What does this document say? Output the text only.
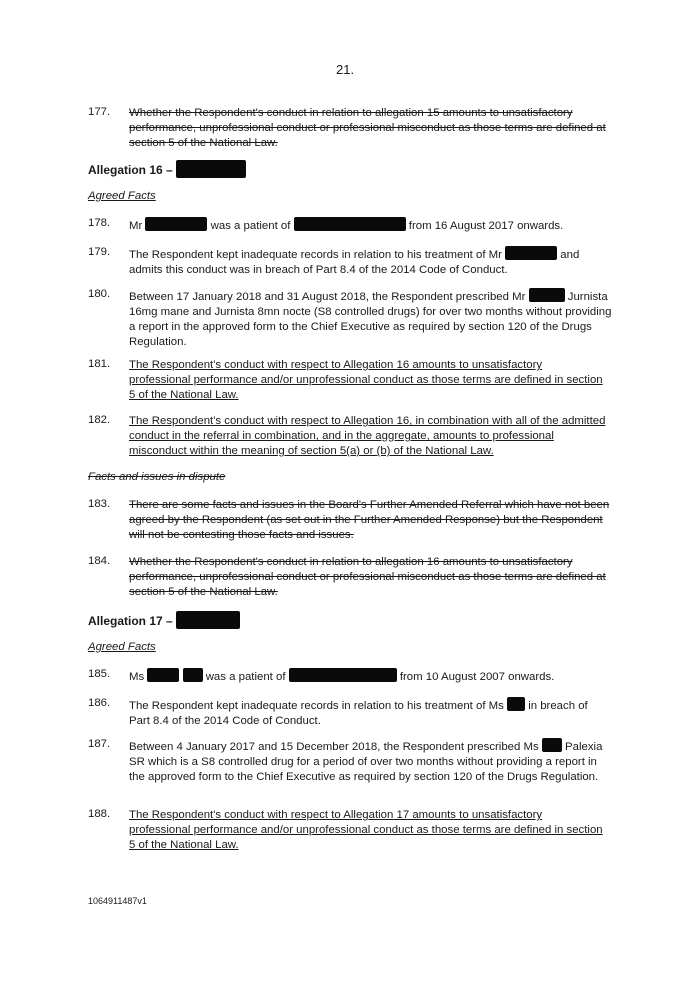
21.
177.	Whether the Respondent's conduct in relation to allegation 15 amounts to unsatisfactory performance, unprofessional conduct or professional misconduct as those terms are defined at section 5 of the National Law.
Allegation 16 –
Agreed Facts
178.	Mr	was a patient of	from 16 August 2017 onwards.
179.	The Respondent kept inadequate records in relation to his treatment of Mr	and
admits this conduct was in breach of Part 8.4 of the 2014 Code of Conduct.
180.	Between 17 January 2018 and 31 August 2018, the Respondent prescribed Mr	Jurnista 16mg mane and Jurnista 8mn nocte (S8 controlled drugs) for over two months without providing a report in the approved form to the Chief Executive as required by section 120 of the Drugs Regulation.
181.	The Respondent's conduct with respect to Allegation 16 amounts to unsatisfactory professional performance and/or unprofessional conduct as those terms are defined in section 5 of the National Law.
182.	The Respondent's conduct with respect to Allegation 16, in combination with all of the admitted conduct in the referral in combination, and in the aggregate, amounts to professional misconduct within the meaning of section 5(a) or (b) of the National Law.
Facts and issues in dispute
183.	There are some facts and issues in the Board's Further Amended Referral which have not been agreed by the Respondent (as set out in the Further Amended Response) but the Respondent will not be contesting those facts and issues.
184.	Whether the Respondent's conduct in relation to allegation 16 amounts to unsatisfactory performance, unprofessional conduct or professional misconduct as those terms are defined at section 5 of the National Law.
Allegation 17 –
Agreed Facts
185.	Ms	was a patient of	from 10 August 2007 onwards.
186.	The Respondent kept inadequate records in relation to his treatment of Ms in breach of
Part 8.4 of the 2014 Code of Conduct.
187.	Between 4 January 2017 and 15 December 2018, the Respondent prescribed Ms Palexia SR which is a S8 controlled drug for a period of over two months without providing a report in the approved form to the Chief Executive as required by section 120 of the Drugs Regulation.
188.	The Respondent's conduct with respect to Allegation 17 amounts to unsatisfactory professional performance and/or unprofessional conduct as those terms are defined in section 5 of the National Law.
1064911487v1
